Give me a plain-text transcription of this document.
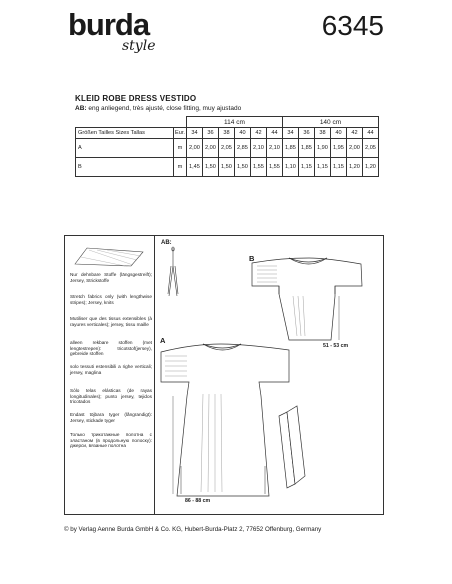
burda
style
6345
KLEID ROBE DRESS VESTIDO
AB: eng anliegend, très ajusté, close fitting, muy ajustado
		114 cm						140 cm					
Größen Tailles Sizes Tallas	Eur.	34	36	38	40	42	44	34	36	38	40	42	44
A	m	2,00	2,00	2,05	2,85	2,10	2,10	1,85	1,85	1,90	1,95	2,00	2,05
B	m	1,45	1,50	1,50	1,50	1,55	1,55	1,10	1,15	1,15	1,15	1,20	1,20

Nur dehnbare Stoffe (längsgestreift); Jersey, Strickstoffe

Stretch fabrics only (with lengthwise stripes); Jersey, knits

Mutiliser que des tissus extensibles (à rayures verticales); jersey, tissu maille

alleen rekbare stoffen (met lengtestrepen): tricotstof(jersey), gebreide stoffen

solo tessuti estensibili a righe verticali; jersey, maglina

Sólo telas elásticas (de rayas longitudinales); punto jersey, tejidos tricotados

Endast töjbara tyger (långrandigt): Jersey, stickade tyger

Только трикотажные полотна с эластаном (в продольную полоску): джерси, вязаные полотна

AB:
B
A
51 - 53 cm
86 - 88 cm
© by Verlag Aenne Burda GmbH & Co. KG, Hubert-Burda-Platz 2, 77652 Offenburg, Germany
